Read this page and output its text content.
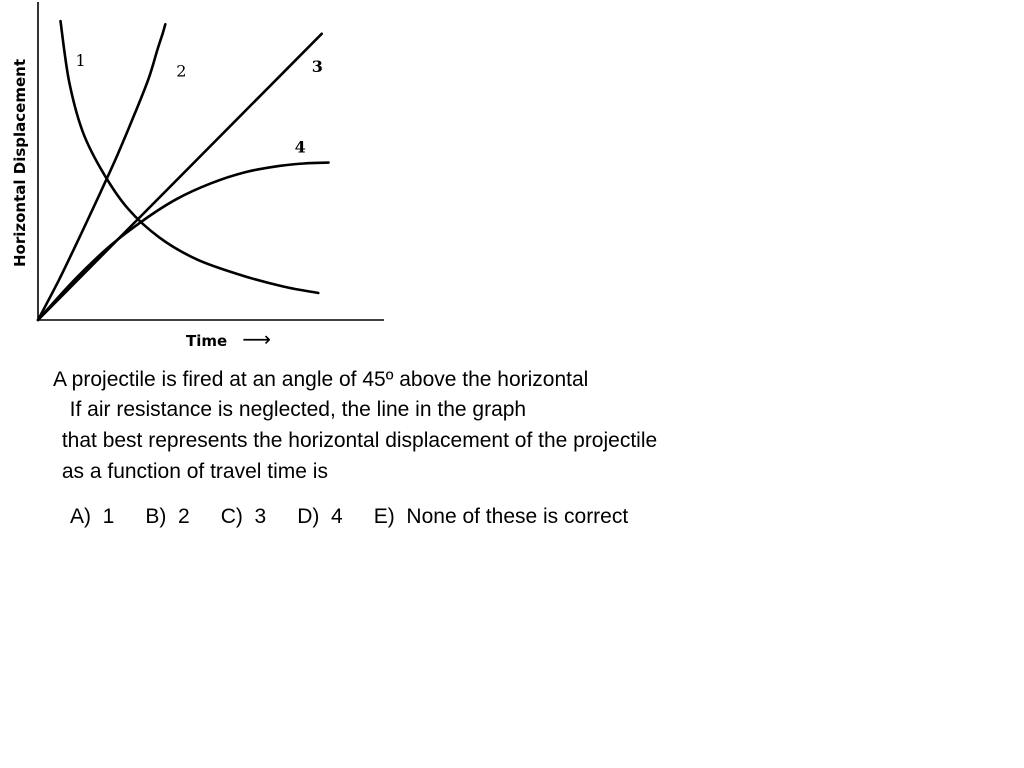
Horizontal Displacement
Time ⟶
1
2	3
4
A projectile is fired at an angle of 45º above the horizontal
If air resistance is neglected, the line in the graph
that best represents the horizontal displacement of the projectile
as a function of travel time is
A)  1 B)  2 C)  3 D)  4 E)  None of these is correct
